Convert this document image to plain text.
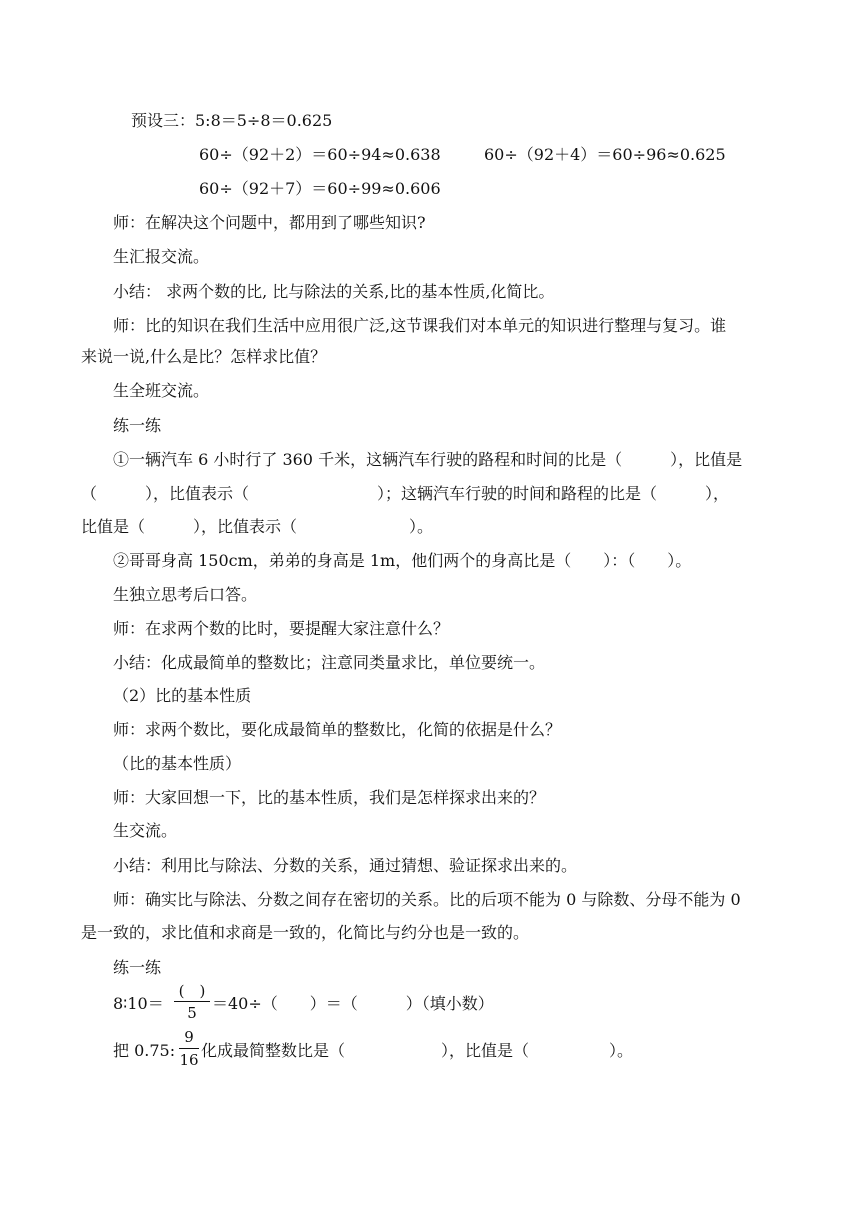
预设三：5:8＝5÷8＝0.625
60÷（92＋2）＝60÷94≈0.638	60÷（92＋4）＝60÷96≈0.625
60÷（92＋7）＝60÷99≈0.606
师：在解决这个问题中，都用到了哪些知识?
生汇报交流。
小结： 求两个数的比, 比与除法的关系,比的基本性质,化简比。
师：比的知识在我们生活中应用很广泛,这节课我们对本单元的知识进行整理与复习。谁
来说一说,什么是比？怎样求比值？
生全班交流。
练一练
①一辆汽车 6 小时行了 360 千米，这辆汽车行驶的路程和时间的比是（　　　），比值是
（　　　），比值表示（　　　　　　　　）；这辆汽车行驶的时间和路程的比是（　　　），
比值是（　　　），比值表示（　　　　　　　）。
②哥哥身高 150cm，弟弟的身高是 1m，他们两个的身高比是（　　）：（　　）。
生独立思考后口答。
师：在求两个数的比时，要提醒大家注意什么？
小结：化成最简单的整数比；注意同类量求比，单位要统一。
（2）比的基本性质
师：求两个数比，要化成最简单的整数比，化简的依据是什么？
（比的基本性质）
师：大家回想一下，比的基本性质，我们是怎样探求出来的？
生交流。
小结：利用比与除法、分数的关系，通过猜想、验证探求出来的。
师：确实比与除法、分数之间存在密切的关系。比的后项不能为 0 与除数、分母不能为 0
是一致的，求比值和求商是一致的，化简比与约分也是一致的。
练一练
8∶10＝
(　)
5 ＝40÷（　　）＝（　　　）（填小数）
把 0.75:
9
16 化成最简整数比是（　　　　　　），比值是（　　　　　）。
